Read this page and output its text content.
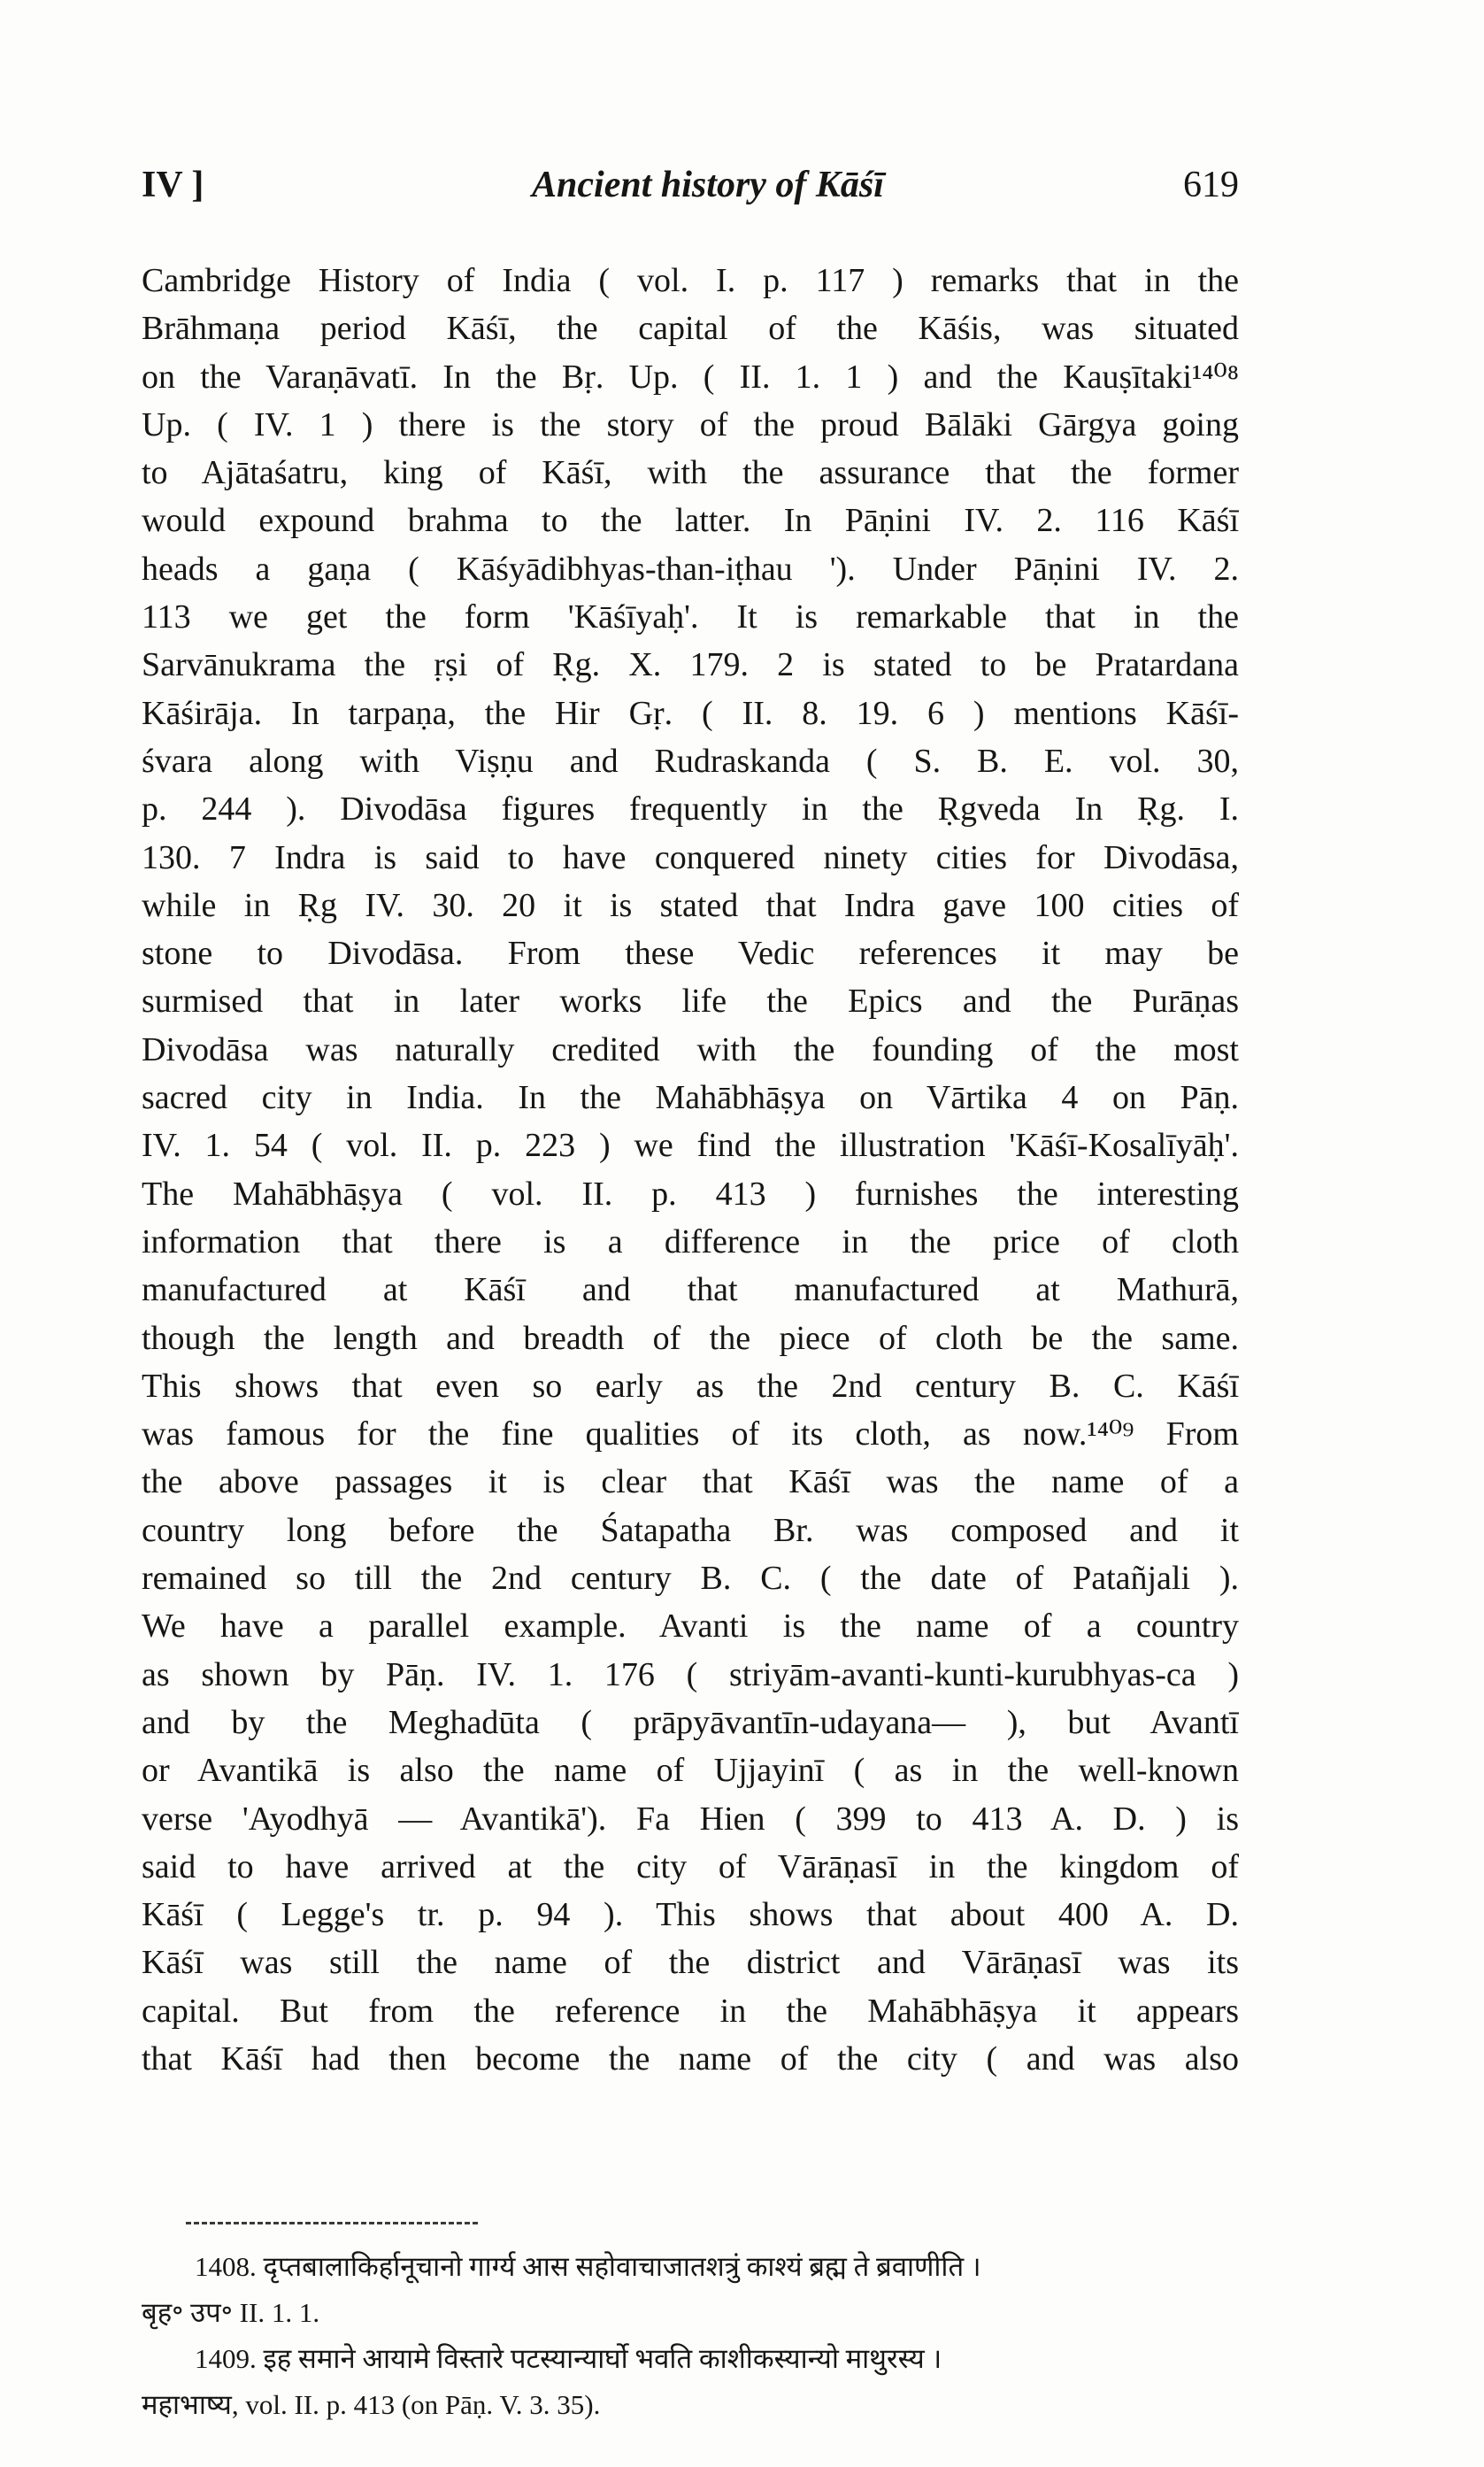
IV ]	Ancient history of Kāśī	619
Cambridge History of India ( vol. I. p. 117 ) remarks that in the
Brāhmaṇa period Kāśī, the capital of the Kāśis, was situated
on the Varaṇāvatī. In the Bṛ. Up. ( II. 1. 1 ) and the Kauṣītaki¹⁴⁰⁸
Up. ( IV. 1 ) there is the story of the proud Bālāki Gārgya going
to Ajātaśatru, king of Kāśī, with the assurance that the former
would expound brahma to the latter. In Pāṇini IV. 2. 116 Kāśī
heads a gaṇa ( Kāśyādibhyas-than-iṭhau '). Under Pāṇini IV. 2.
113 we get the form 'Kāśīyaḥ'. It is remarkable that in the
Sarvānukrama the ṛṣi of Ṛg. X. 179. 2 is stated to be Pratardana
Kāśirāja. In tarpaṇa, the Hir Gṛ. ( II. 8. 19. 6 ) mentions Kāśī-
śvara along with Viṣṇu and Rudraskanda ( S. B. E. vol. 30,
p. 244 ). Divodāsa figures frequently in the Ṛgveda In Ṛg. I.
130. 7 Indra is said to have conquered ninety cities for Divodāsa,
while in Ṛg IV. 30. 20 it is stated that Indra gave 100 cities of
stone to Divodāsa. From these Vedic references it may be
surmised that in later works life the Epics and the Purāṇas
Divodāsa was naturally credited with the founding of the most
sacred city in India. In the Mahābhāṣya on Vārtika 4 on Pāṇ.
IV. 1. 54 ( vol. II. p. 223 ) we find the illustration 'Kāśī-Kosalīyāḥ'.
The Mahābhāṣya ( vol. II. p. 413 ) furnishes the interesting
information that there is a difference in the price of cloth
manufactured at Kāśī and that manufactured at Mathurā,
though the length and breadth of the piece of cloth be the same.
This shows that even so early as the 2nd century B. C. Kāśī
was famous for the fine qualities of its cloth, as now.¹⁴⁰⁹ From
the above passages it is clear that Kāśī was the name of a
country long before the Śatapatha Br. was composed and it
remained so till the 2nd century B. C. ( the date of Patañjali ).
We have a parallel example. Avanti is the name of a country
as shown by Pāṇ. IV. 1. 176 ( striyām-avanti-kunti-kurubhyas-ca )
and by the Meghadūta ( prāpyāvantīn-udayana— ), but Avantī
or Avantikā is also the name of Ujjayinī ( as in the well-known
verse 'Ayodhyā — Avantikā'). Fa Hien ( 399 to 413 A. D. ) is
said to have arrived at the city of Vārāṇasī in the kingdom of
Kāśī ( Legge's tr. p. 94 ). This shows that about 400 A. D.
Kāśī was still the name of the district and Vārāṇasī was its
capital. But from the reference in the Mahābhāṣya it appears
that Kāśī had then become the name of the city ( and was also
1408. दृप्तबालाकिर्हानूचानो गार्ग्य आस सहोवाचाजातशत्रुं काश्यं ब्रह्म ते ब्रवाणीति ।
बृह॰ उप॰ II. 1. 1.
1409. इह समाने आयामे विस्तारे पटस्यान्यार्घो भवति काशीकस्यान्यो माथुरस्य ।
महाभाष्य, vol. II. p. 413 (on Pāṇ. V. 3. 35).
